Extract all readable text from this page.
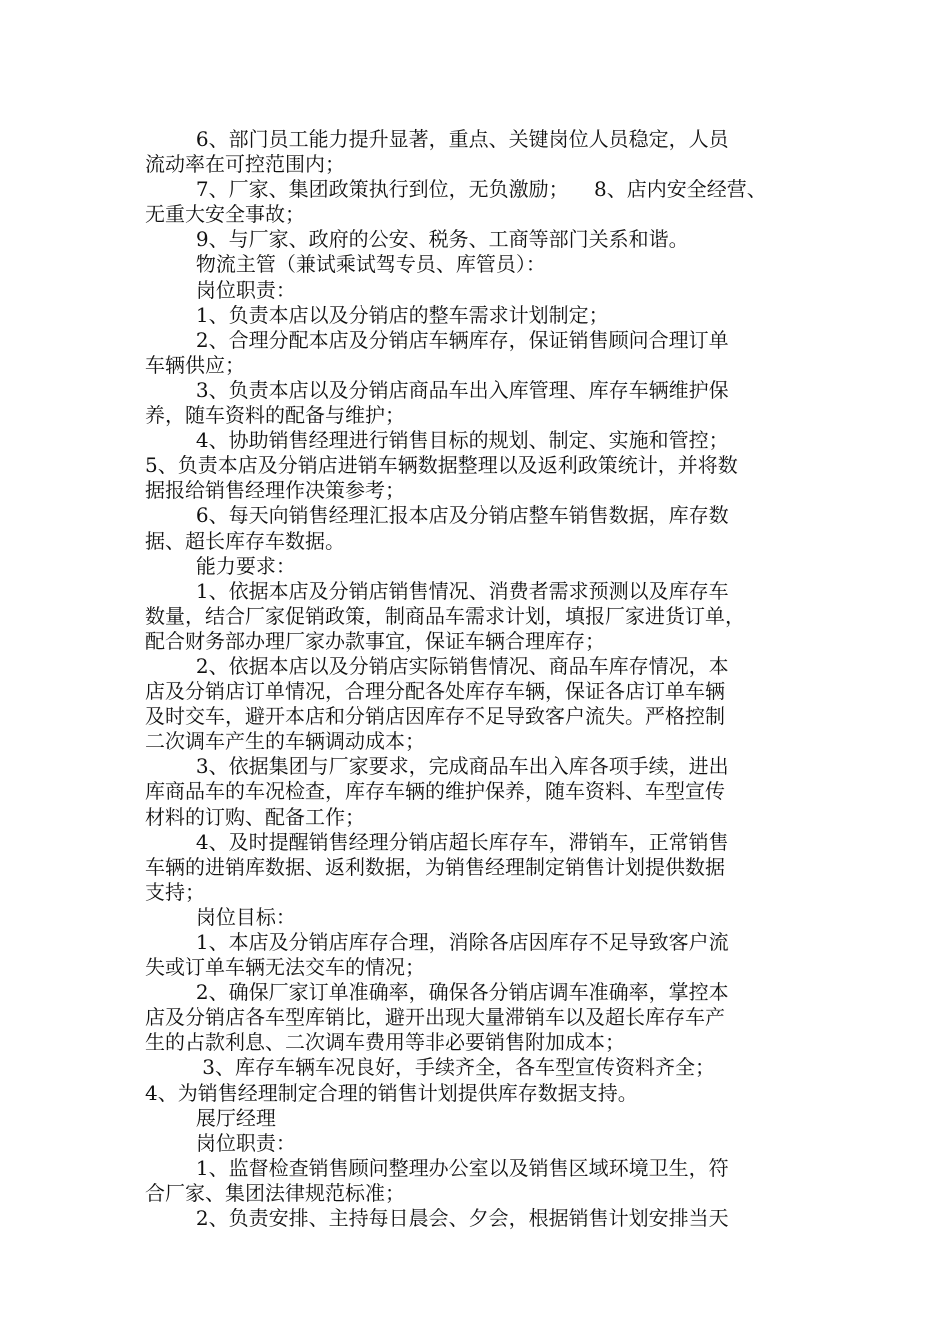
6、部门员工能力提升显著，重点、关键岗位人员稳定，人员
流动率在可控范围内；
7、厂家、集团政策执行到位，无负激励；    8、店内安全经营、
无重大安全事故；
9、与厂家、政府的公安、税务、工商等部门关系和谐。
物流主管（兼试乘试驾专员、库管员）：
岗位职责：
1、负责本店以及分销店的整车需求计划制定；
2、合理分配本店及分销店车辆库存，保证销售顾问合理订单
车辆供应；
3、负责本店以及分销店商品车出入库管理、库存车辆维护保
养，随车资料的配备与维护；
4、协助销售经理进行销售目标的规划、制定、实施和管控；
5、负责本店及分销店进销车辆数据整理以及返利政策统计，并将数
据报给销售经理作决策参考；
6、每天向销售经理汇报本店及分销店整车销售数据，库存数
据、超长库存车数据。
能力要求：
1、依据本店及分销店销售情况、消费者需求预测以及库存车
数量，结合厂家促销政策，制商品车需求计划，填报厂家进货订单，
配合财务部办理厂家办款事宜，保证车辆合理库存；
2、依据本店以及分销店实际销售情况、商品车库存情况，本
店及分销店订单情况，合理分配各处库存车辆，保证各店订单车辆
及时交车，避开本店和分销店因库存不足导致客户流失。严格控制
二次调车产生的车辆调动成本；
3、依据集团与厂家要求，完成商品车出入库各项手续，进出
库商品车的车况检查，库存车辆的维护保养，随车资料、车型宣传
材料的订购、配备工作；
4、及时提醒销售经理分销店超长库存车，滞销车，正常销售
车辆的进销库数据、返利数据，为销售经理制定销售计划提供数据
支持；
岗位目标：
1、本店及分销店库存合理，消除各店因库存不足导致客户流
失或订单车辆无法交车的情况；
2、确保厂家订单准确率，确保各分销店调车准确率，掌控本
店及分销店各车型库销比，避开出现大量滞销车以及超长库存车产
生的占款利息、二次调车费用等非必要销售附加成本；
3、库存车辆车况良好，手续齐全，各车型宣传资料齐全；
4、为销售经理制定合理的销售计划提供库存数据支持。
展厅经理
岗位职责：
1、监督检查销售顾问整理办公室以及销售区域环境卫生，符
合厂家、集团法律规范标准；
2、负责安排、主持每日晨会、夕会，根据销售计划安排当天
